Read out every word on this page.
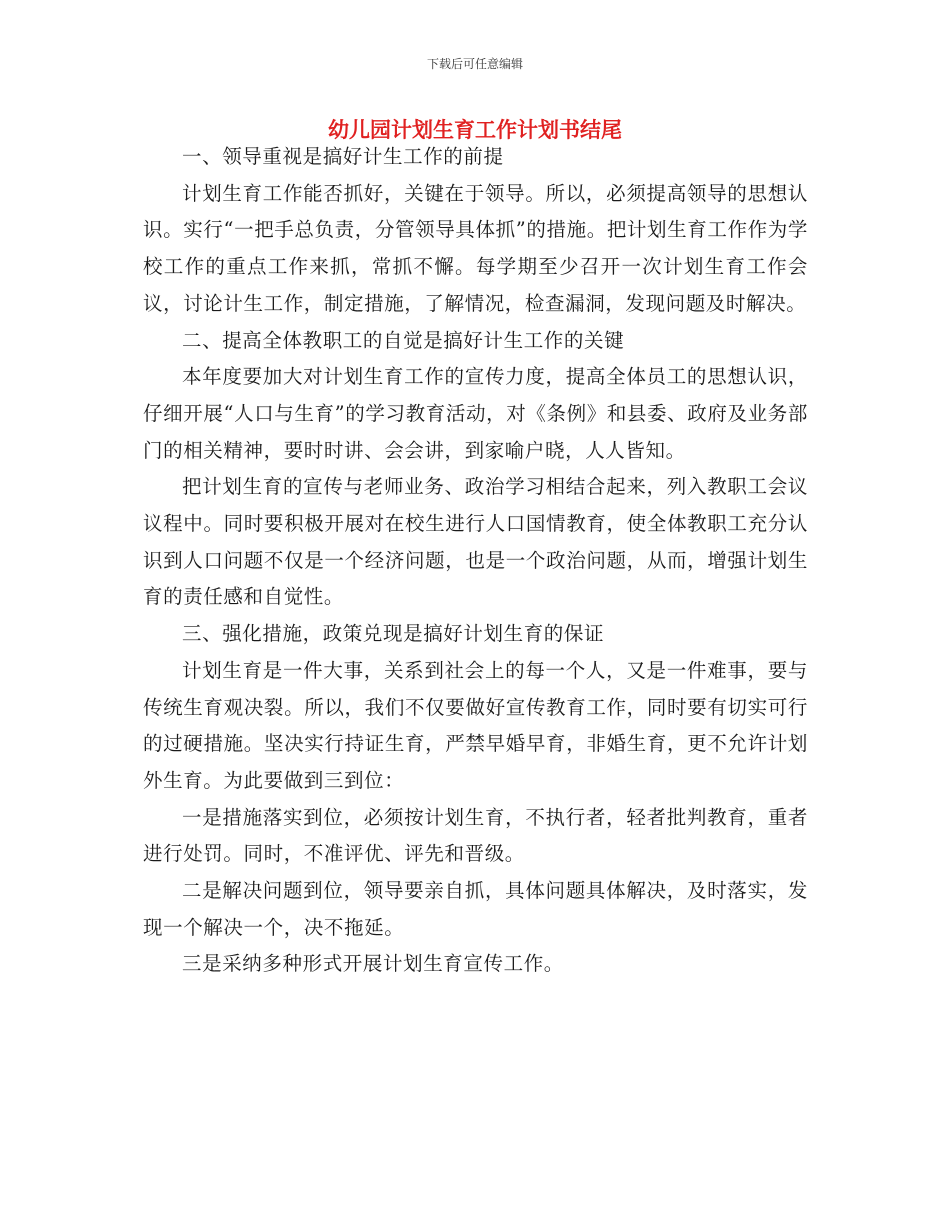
下载后可任意编辑
幼儿园计划生育工作计划书结尾

一、领导重视是搞好计生工作的前提

计划生育工作能否抓好，关键在于领导。所以，必须提高领导的思想认识。实行“一把手总负责，分管领导具体抓”的措施。把计划生育工作作为学校工作的重点工作来抓，常抓不懈。每学期至少召开一次计划生育工作会议，讨论计生工作，制定措施，了解情况，检查漏洞，发现问题及时解决。

二、提高全体教职工的自觉是搞好计生工作的关键

本年度要加大对计划生育工作的宣传力度，提高全体员工的思想认识，仔细开展“人口与生育”的学习教育活动，对《条例》和县委、政府及业务部门的相关精神，要时时讲、会会讲，到家喻户晓，人人皆知。

把计划生育的宣传与老师业务、政治学习相结合起来，列入教职工会议议程中。同时要积极开展对在校生进行人口国情教育，使全体教职工充分认识到人口问题不仅是一个经济问题，也是一个政治问题，从而，增强计划生育的责任感和自觉性。

三、强化措施，政策兑现是搞好计划生育的保证

计划生育是一件大事，关系到社会上的每一个人，又是一件难事，要与传统生育观决裂。所以，我们不仅要做好宣传教育工作，同时要有切实可行的过硬措施。坚决实行持证生育，严禁早婚早育，非婚生育，更不允许计划外生育。为此要做到三到位：

一是措施落实到位，必须按计划生育，不执行者，轻者批判教育，重者进行处罚。同时，不准评优、评先和晋级。

二是解决问题到位，领导要亲自抓，具体问题具体解决，及时落实，发现一个解决一个，决不拖延。

三是采纳多种形式开展计划生育宣传工作。
